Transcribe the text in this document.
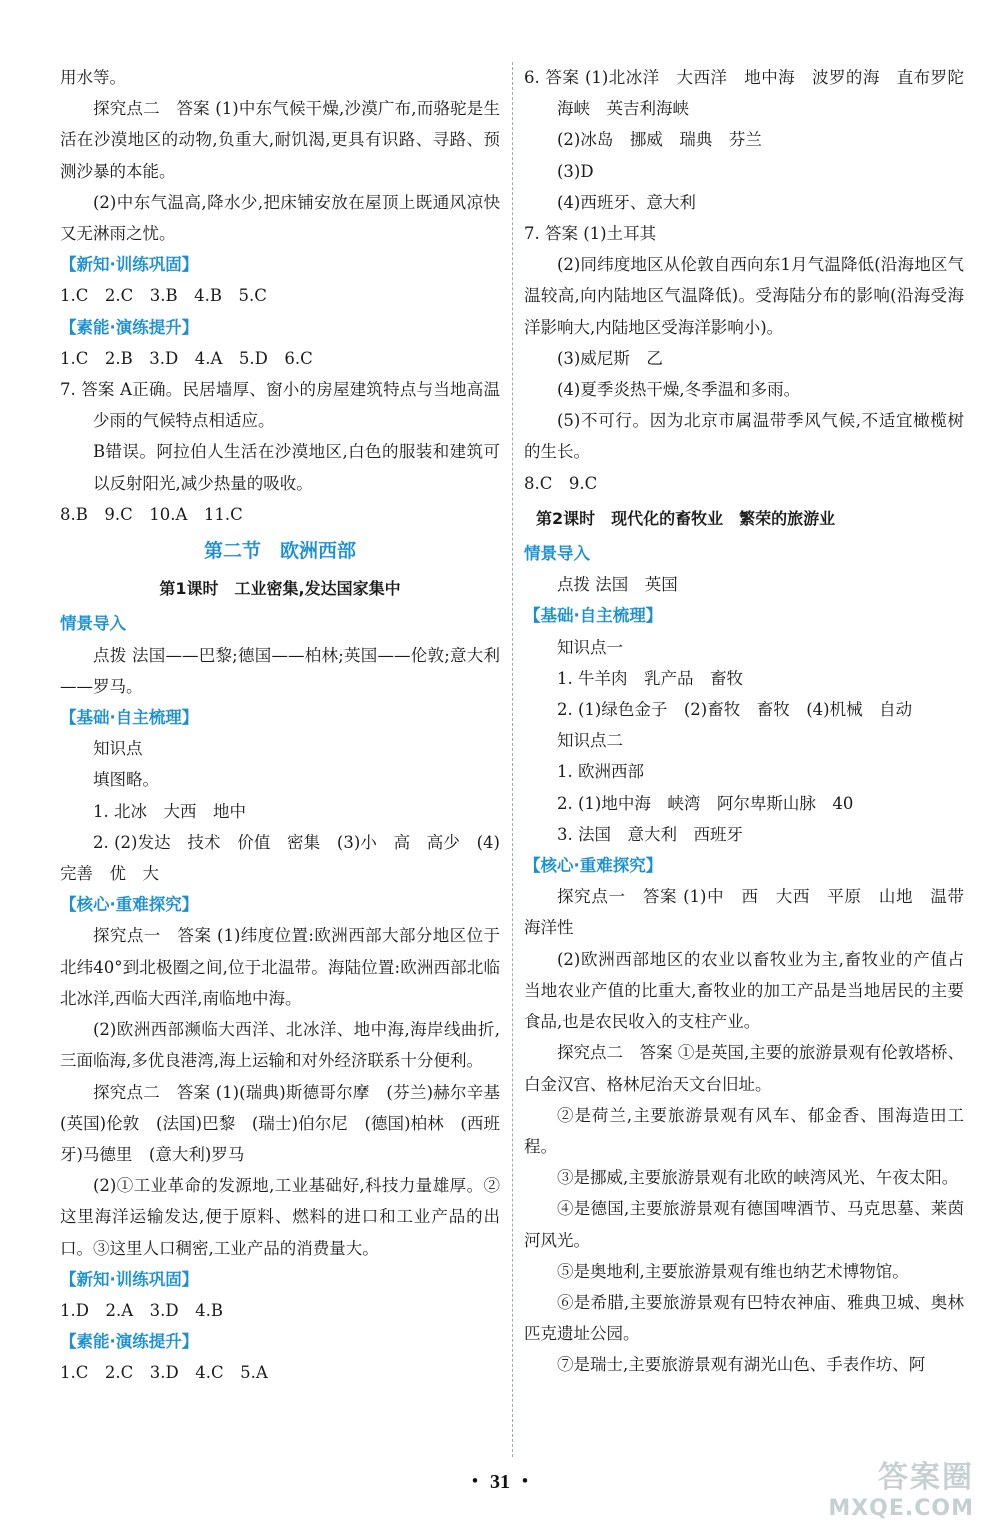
用水等。
探究点二　答案 (1)中东气候干燥,沙漠广布,而骆驼是生活在沙漠地区的动物,负重大,耐饥渴,更具有识路、寻路、预测沙暴的本能。
(2)中东气温高,降水少,把床铺安放在屋顶上既通风凉快又无淋雨之忧。
【新知·训练巩固】
1.C　2.C　3.B　4.B　5.C
【素能·演练提升】
1.C　2.B　3.D　4.A　5.D　6.C
7. 答案 A正确。民居墙厚、窗小的房屋建筑特点与当地高温少雨的气候特点相适应。
B错误。阿拉伯人生活在沙漠地区,白色的服装和建筑可以反射阳光,减少热量的吸收。
8.B　9.C　10.A　11.C
第二节　欧洲西部
第1课时　工业密集,发达国家集中
情景导入
点拨 法国——巴黎;德国——柏林;英国——伦敦;意大利——罗马。
【基础·自主梳理】
知识点
填图略。
1. 北冰　大西　地中
2. (2)发达　技术　价值　密集　(3)小　高　高少　(4)完善　优　大
【核心·重难探究】
探究点一　答案 (1)纬度位置:欧洲西部大部分地区位于北纬40°到北极圈之间,位于北温带。海陆位置:欧洲西部北临北冰洋,西临大西洋,南临地中海。
(2)欧洲西部濒临大西洋、北冰洋、地中海,海岸线曲折,三面临海,多优良港湾,海上运输和对外经济联系十分便利。
探究点二　答案 (1)(瑞典)斯德哥尔摩　(芬兰)赫尔辛基　(英国)伦敦　(法国)巴黎　(瑞士)伯尔尼　(德国)柏林　(西班牙)马德里　(意大利)罗马
(2)①工业革命的发源地,工业基础好,科技力量雄厚。②这里海洋运输发达,便于原料、燃料的进口和工业产品的出口。③这里人口稠密,工业产品的消费量大。
【新知·训练巩固】
1.D　2.A　3.D　4.B
【素能·演练提升】
1.C　2.C　3.D　4.C　5.A
6. 答案 (1)北冰洋　大西洋　地中海　波罗的海　直布罗陀海峡　英吉利海峡
(2)冰岛　挪威　瑞典　芬兰
(3)D
(4)西班牙、意大利
7. 答案 (1)土耳其
(2)同纬度地区从伦敦自西向东1月气温降低(沿海地区气温较高,向内陆地区气温降低)。受海陆分布的影响(沿海受海洋影响大,内陆地区受海洋影响小)。
(3)威尼斯　乙
(4)夏季炎热干燥,冬季温和多雨。
(5)不可行。因为北京市属温带季风气候,不适宜橄榄树的生长。
8.C　9.C
第2课时　现代化的畜牧业　繁荣的旅游业
情景导入
点拨 法国　英国
【基础·自主梳理】
知识点一
1. 牛羊肉　乳产品　畜牧
2. (1)绿色金子　(2)畜牧　畜牧　(4)机械　自动
知识点二
1. 欧洲西部
2. (1)地中海　峡湾　阿尔卑斯山脉　40
3. 法国　意大利　西班牙
【核心·重难探究】
探究点一　答案 (1)中　西　大西　平原　山地　温带海洋性
(2)欧洲西部地区的农业以畜牧业为主,畜牧业的产值占当地农业产值的比重大,畜牧业的加工产品是当地居民的主要食品,也是农民收入的支柱产业。
探究点二　答案 ①是英国,主要的旅游景观有伦敦塔桥、白金汉宫、格林尼治天文台旧址。
②是荷兰,主要旅游景观有风车、郁金香、围海造田工程。
③是挪威,主要旅游景观有北欧的峡湾风光、午夜太阳。
④是德国,主要旅游景观有德国啤酒节、马克思墓、莱茵河风光。
⑤是奥地利,主要旅游景观有维也纳艺术博物馆。
⑥是希腊,主要旅游景观有巴特农神庙、雅典卫城、奥林匹克遗址公园。
⑦是瑞士,主要旅游景观有湖光山色、手表作坊、阿
・ 31 ・	答案圈
MXQE.COM
